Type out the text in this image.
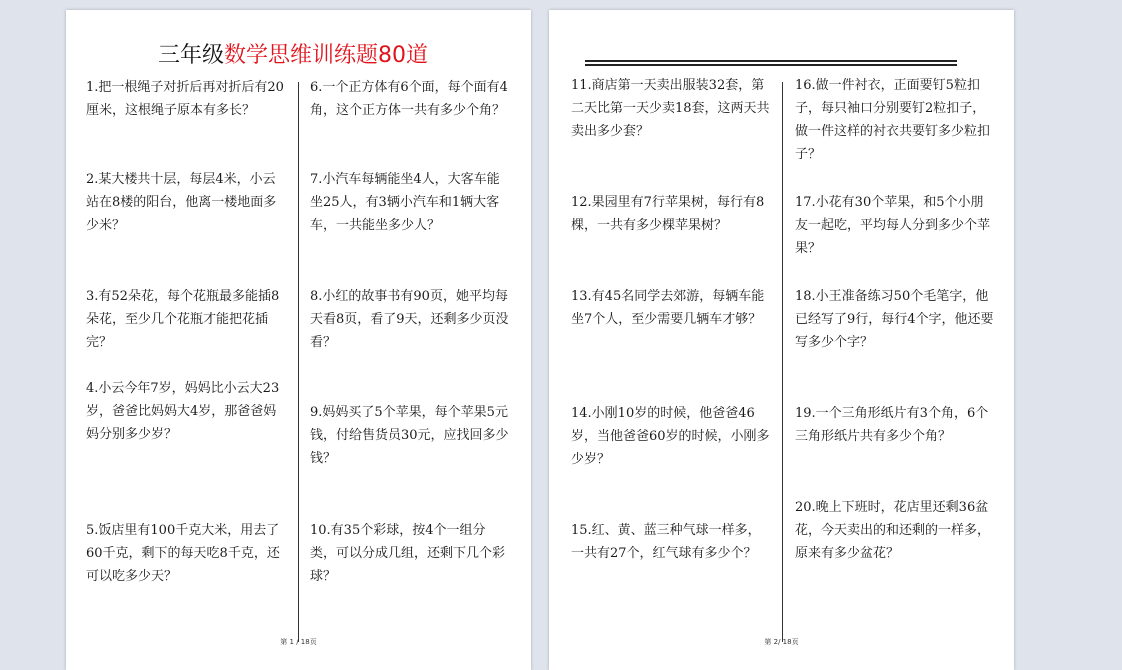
三年级数学思维训练题80道

1.把一根绳子对折后再对折后有20厘米，这根绳子原本有多长？

2.某大楼共十层，每层4米，小云站在8楼的阳台，他离一楼地面多少米？

3.有52朵花，每个花瓶最多能插8朵花，至少几个花瓶才能把花插完？

4.小云今年7岁，妈妈比小云大23岁，爸爸比妈妈大4岁，那爸爸妈妈分别多少岁？

5.饭店里有100千克大米，用去了60千克，剩下的每天吃8千克，还可以吃多少天？

6.一个正方体有6个面，每个面有4角，这个正方体一共有多少个角？

7.小汽车每辆能坐4人，大客车能坐25人，有3辆小汽车和1辆大客车，一共能坐多少人？

8.小红的故事书有90页，她平均每天看8页，看了9天，还剩多少页没看？

9.妈妈买了5个苹果，每个苹果5元钱，付给售货员30元，应找回多少钱？

10.有35个彩球，按4个一组分类，可以分成几组，还剩下几个彩球？

第 1 / 18页

11.商店第一天卖出服装32套，第二天比第一天少卖18套，这两天共卖出多少套？

12.果园里有7行苹果树，每行有8棵，一共有多少棵苹果树？

13.有45名同学去郊游，每辆车能坐7个人，至少需要几辆车才够？

14.小刚10岁的时候，他爸爸46岁，当他爸爸60岁的时候，小刚多少岁？

15.红、黄、蓝三种气球一样多，一共有27个，红气球有多少个？

16.做一件衬衣，正面要钉5粒扣子，每只袖口分别要钉2粒扣子，做一件这样的衬衣共要钉多少粒扣子？

17.小花有30个苹果，和5个小朋友一起吃，平均每人分到多少个苹果？

18.小王准备练习50个毛笔字，他已经写了9行，每行4个字，他还要写多少个字？

19.一个三角形纸片有3个角，6个三角形纸片共有多少个角？

20.晚上下班时，花店里还剩36盆花，今天卖出的和还剩的一样多，原来有多少盆花？

第 2/ 18页
